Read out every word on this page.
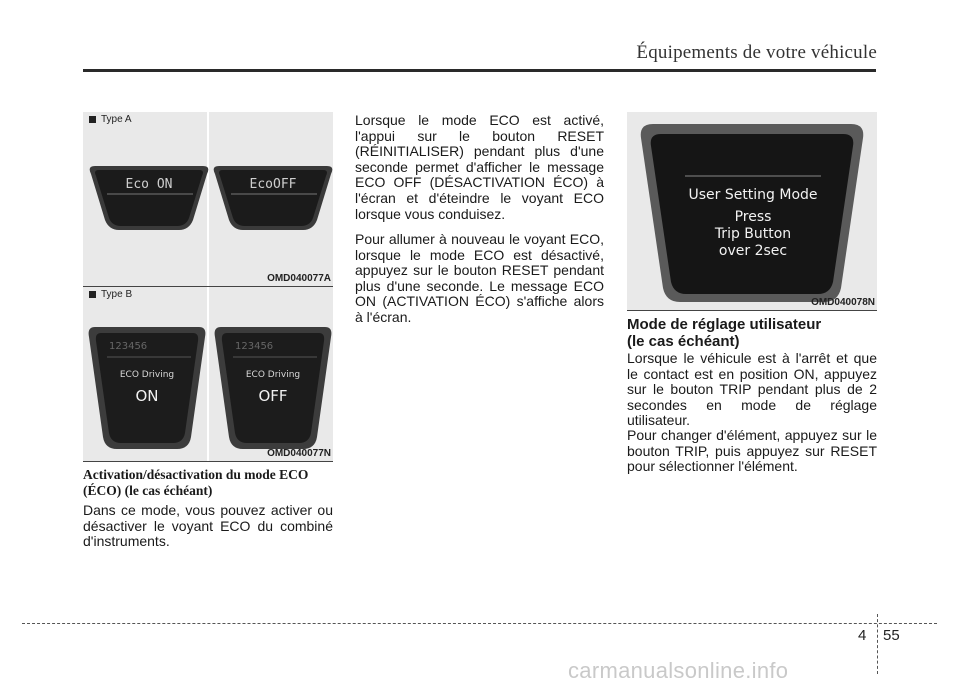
Équipements de votre véhicule
Eco ON	EcoOFF
Type A
OMD040077A
123456
ECO Driving
ON
123456
ECO Driving
OFF
Type B
OMD040077N

Activation/désactivation du mode ECO (ÉCO) (le cas échéant)

Dans ce mode, vous pouvez activer ou désactiver le voyant ECO du combiné d'instruments.

Lorsque le mode ECO est activé, l'appui sur le bouton RESET (RÉINITIALISER) pendant plus d'une seconde permet d'afficher le message ECO OFF (DÉSACTIVATION ÉCO) à l'écran et d'éteindre le voyant ECO lorsque vous conduisez.

Pour allumer à nouveau le voyant ECO, lorsque le mode ECO est désactivé, appuyez sur le bouton RESET pendant plus d'une seconde. Le message ECO ON (ACTIVATION ÉCO) s'affiche alors à l'écran.

User Setting Mode
Press
Trip Button
over 2sec
OMD040078N

Mode de réglage utilisateur
(le cas échéant)

Lorsque le véhicule est à l'arrêt et que le contact est en position ON, appuyez sur le bouton TRIP pendant plus de 2 secondes en mode de réglage utilisateur.

Pour changer d'élément, appuyez sur le bouton TRIP, puis appuyez sur RESET pour sélectionner l'élément.

4 55
carmanualsonline.info
